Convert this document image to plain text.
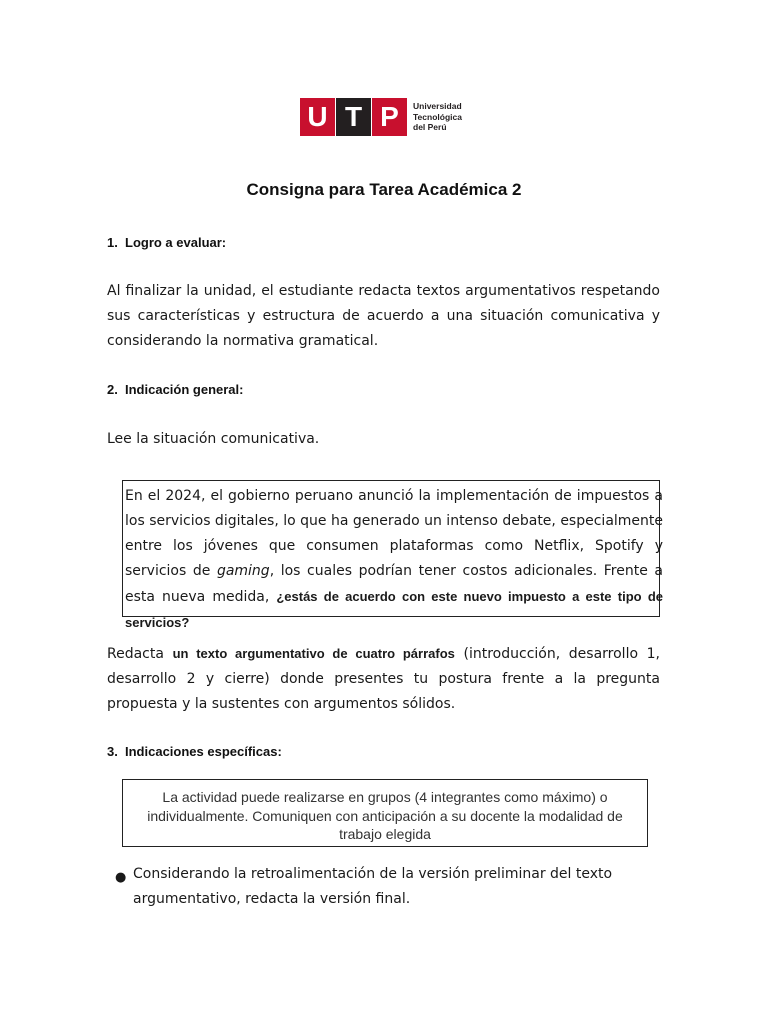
U T P	Universidad
Tecnológica
del Perú
Consigna para Tarea Académica 2
1. Logro a evaluar:
Al finalizar la unidad, el estudiante redacta textos argumentativos respetando sus características y estructura de acuerdo a una situación comunicativa y considerando la normativa gramatical.
2. Indicación general:
Lee la situación comunicativa.
En el 2024, el gobierno peruano anunció la implementación de impuestos a los servicios digitales, lo que ha generado un intenso debate, especialmente entre los jóvenes que consumen plataformas como Netflix, Spotify y servicios de gaming, los cuales podrían tener costos adicionales. Frente a esta nueva medida, ¿estás de acuerdo con este nuevo impuesto a este tipo de servicios?
Redacta un texto argumentativo de cuatro párrafos (introducción, desarrollo 1, desarrollo 2 y cierre) donde presentes tu postura frente a la pregunta propuesta y la sustentes con argumentos sólidos.
3. Indicaciones específicas:
La actividad puede realizarse en grupos (4 integrantes como máximo) o
individualmente. Comuniquen con anticipación a su docente la modalidad de
trabajo elegida
● Considerando la retroalimentación de la versión preliminar del texto argumentativo, redacta la versión final.
